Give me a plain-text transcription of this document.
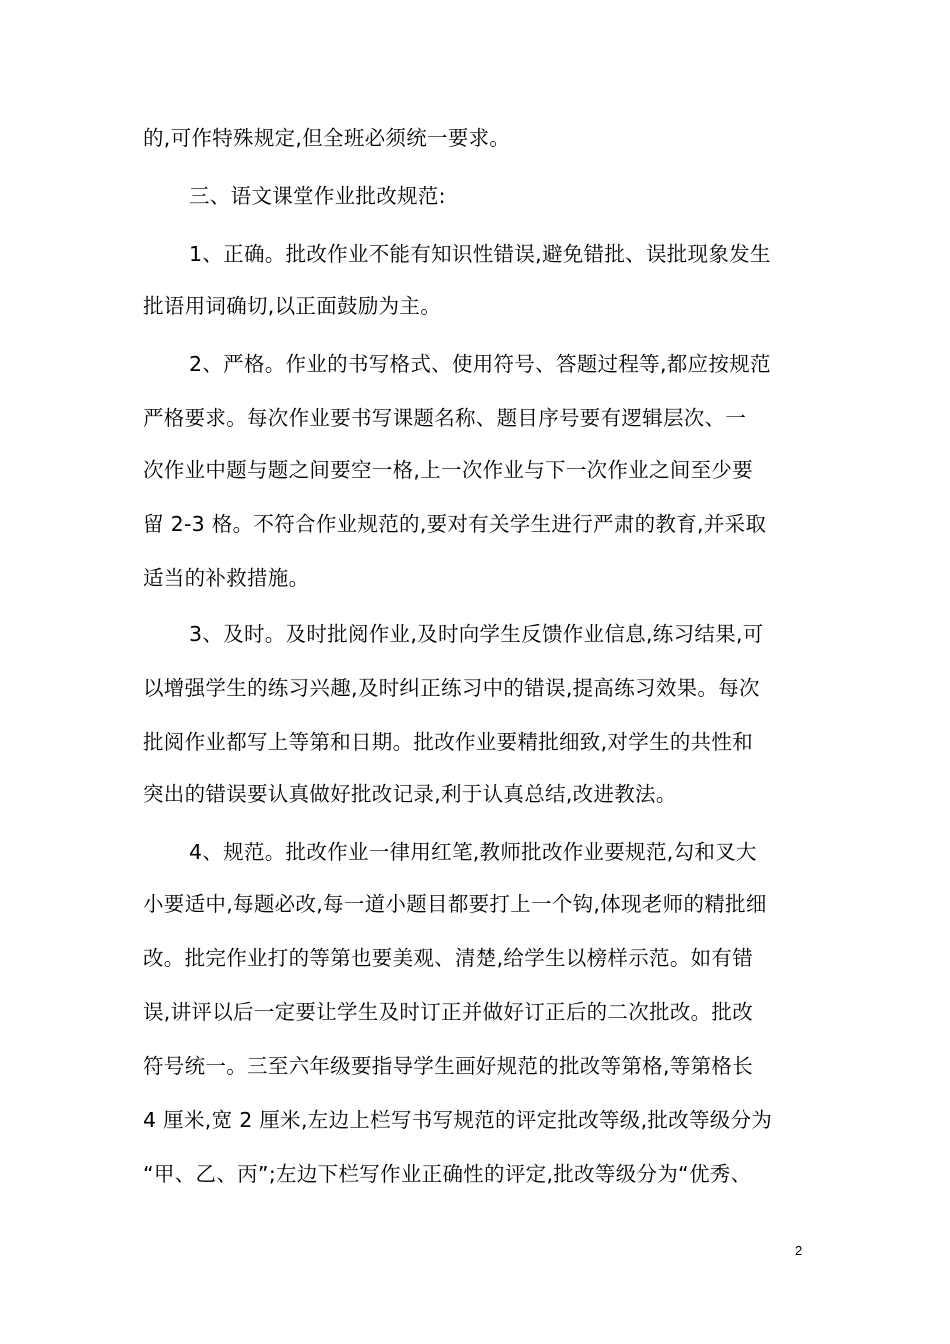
的,可作特殊规定,但全班必须统一要求。
三、语文课堂作业批改规范:
1、正确。批改作业不能有知识性错误,避免错批、误批现象发生
批语用词确切,以正面鼓励为主。
2、严格。作业的书写格式、使用符号、答题过程等,都应按规范
严格要求。每次作业要书写课题名称、题目序号要有逻辑层次、一
次作业中题与题之间要空一格,上一次作业与下一次作业之间至少要
留 2-3 格。不符合作业规范的,要对有关学生进行严肃的教育,并采取
适当的补救措施。
3、及时。及时批阅作业,及时向学生反馈作业信息,练习结果,可
以增强学生的练习兴趣,及时纠正练习中的错误,提高练习效果。每次
批阅作业都写上等第和日期。批改作业要精批细致,对学生的共性和
突出的错误要认真做好批改记录,利于认真总结,改进教法。
4、规范。批改作业一律用红笔,教师批改作业要规范,勾和叉大
小要适中,每题必改,每一道小题目都要打上一个钩,体现老师的精批细
改。批完作业打的等第也要美观、清楚,给学生以榜样示范。如有错
误,讲评以后一定要让学生及时订正并做好订正后的二次批改。批改
符号统一。三至六年级要指导学生画好规范的批改等第格,等第格长
4 厘米,宽 2 厘米,左边上栏写书写规范的评定批改等级,批改等级分为
“甲、乙、丙”;左边下栏写作业正确性的评定,批改等级分为“优秀、
2
